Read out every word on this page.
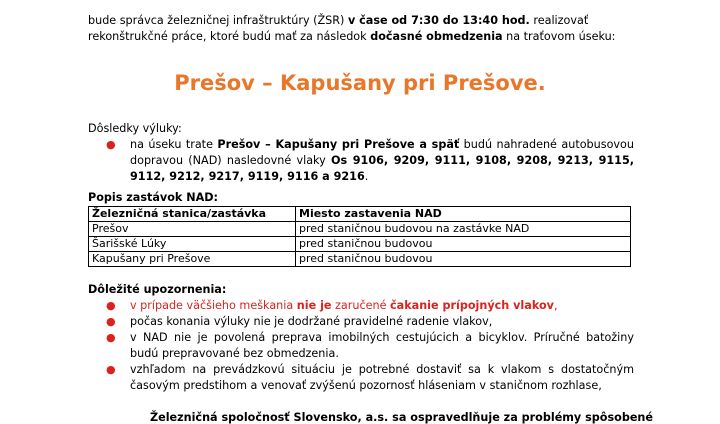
bude správca železničnej infraštruktúry (ŽSR) v čase od 7:30 do 13:40 hod. realizovať rekonštrukčné práce, ktoré budú mať za následok dočasné obmedzenia na traťovom úseku:
Prešov – Kapušany pri Prešove.
Dôsledky výluky:
● na úseku trate Prešov – Kapušany pri Prešove a späť budú nahradené autobusovou dopravou (NAD) nasledovné vlaky Os 9106, 9209, 9111, 9108, 9208, 9213, 9115, 9112, 9212, 9217, 9119, 9116 a 9216.
Popis zastávok NAD:
Železničná stanica/zastávka	Miesto zastavenia NAD
Prešov	pred staničnou budovou na zastávke NAD
Šarišské Lúky	pred staničnou budovou
Kapušany pri Prešove	pred staničnou budovou
Dôležité upozornenia:
● v prípade väčšieho meškania nie je zaručené čakanie prípojných vlakov,
● počas konania výluky nie je dodržané pravidelné radenie vlakov,
● v NAD nie je povolená preprava imobilných cestujúcich a bicyklov. Príručné batožiny budú prepravované bez obmedzenia.
● vzhľadom na prevádzkovú situáciu je potrebné dostaviť sa k vlakom s dostatočným časovým predstihom a venovať zvýšenú pozornosť hláseniam v staničnom rozhlase,
Železničná spoločnosť Slovensko, a.s. sa ospravedlňuje za problémy spôsobené
